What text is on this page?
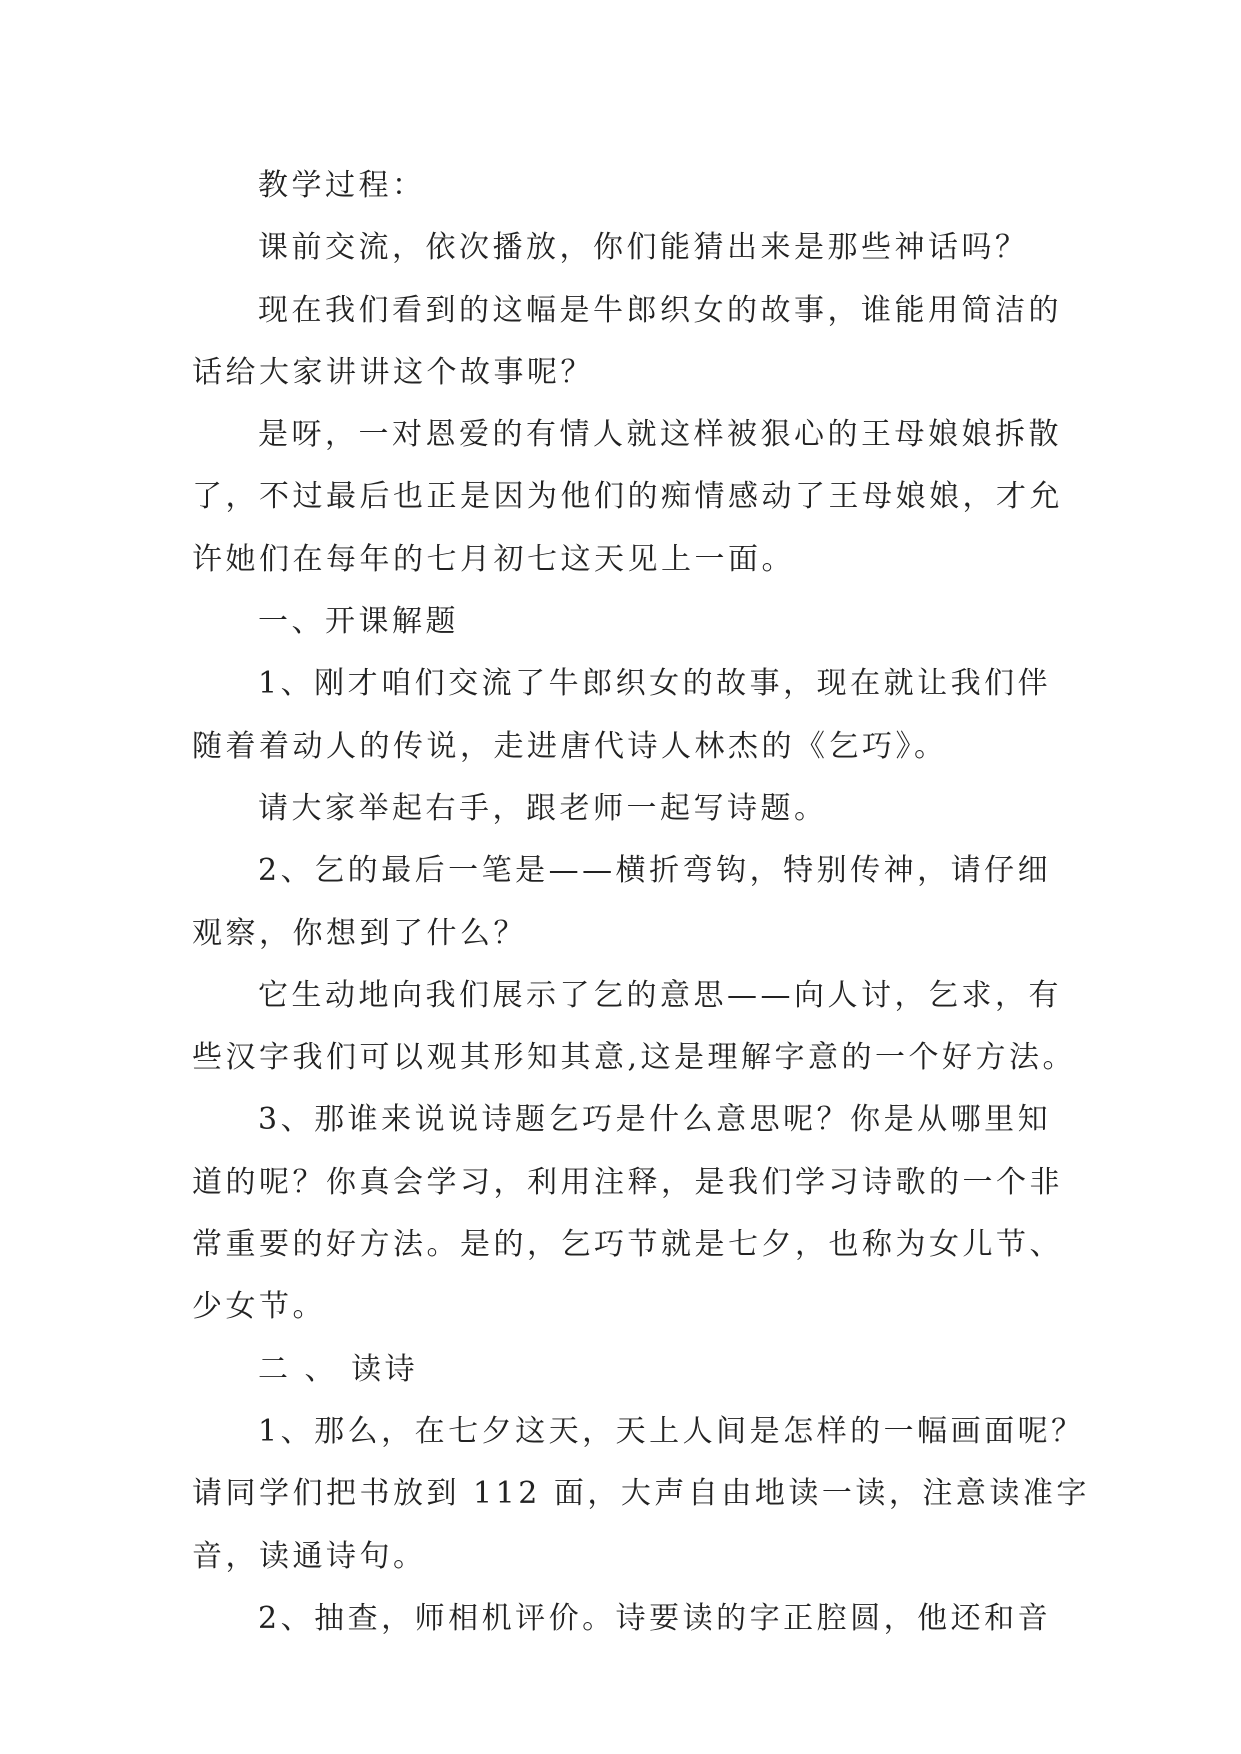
教学过程：
课前交流，依次播放，你们能猜出来是那些神话吗？
现在我们看到的这幅是牛郎织女的故事，谁能用简洁的
话给大家讲讲这个故事呢？
是呀，一对恩爱的有情人就这样被狠心的王母娘娘拆散
了，不过最后也正是因为他们的痴情感动了王母娘娘，才允
许她们在每年的七月初七这天见上一面。
一、开课解题
1、刚才咱们交流了牛郎织女的故事，现在就让我们伴
随着着动人的传说，走进唐代诗人林杰的《乞巧》。
请大家举起右手，跟老师一起写诗题。
2、乞的最后一笔是——横折弯钩，特别传神，请仔细
观察，你想到了什么？
它生动地向我们展示了乞的意思——向人讨，乞求，有
些汉字我们可以观其形知其意,这是理解字意的一个好方法。
3、那谁来说说诗题乞巧是什么意思呢？你是从哪里知
道的呢？你真会学习，利用注释，是我们学习诗歌的一个非
常重要的好方法。是的，乞巧节就是七夕，也称为女儿节、
少女节。
二 、 读诗
1、那么，在七夕这天，天上人间是怎样的一幅画面呢？
请同学们把书放到 112 面，大声自由地读一读，注意读准字
音，读通诗句。
2、抽查，师相机评价。诗要读的字正腔圆，他还和音
